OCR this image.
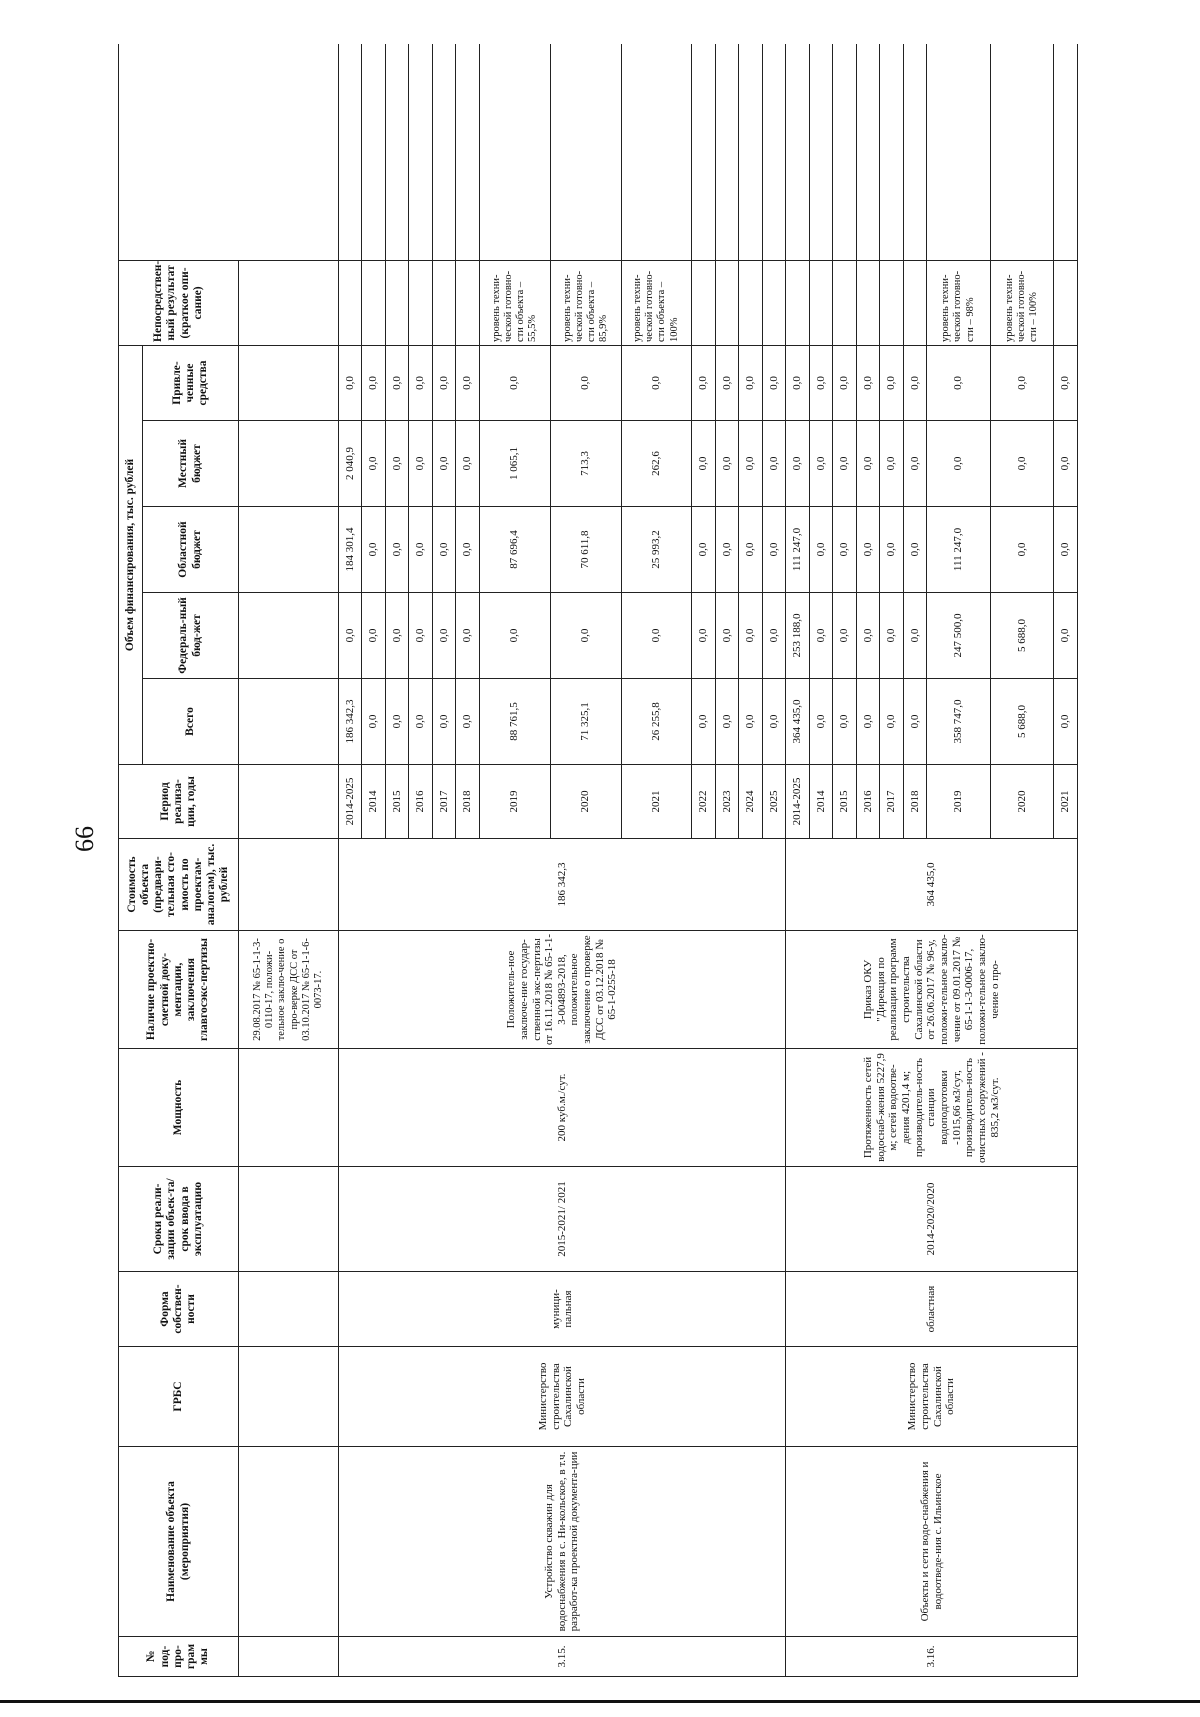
66
№ под-про-грам мы	Наименование объекта (мероприятия)	ГРБС	Форма собствен-ности	Сроки реали-зации объек-та/срок ввода в эксплуатацию	Мощность	Наличие проектно-сметной доку-ментации, заключения главгосэкс-пертизы	Стоимость объекта (предвари-тельная сто-имость по проектам-аналогам), тыс. рублей	Период реализа-ции, годы	Объем финансирования, тыс. рублей					Непосредствен-ный результат (краткое опи-сание)	
									Всего	Федераль-ный бюд-жет	Областной бюджет	Местный бюджет	Привле-ченные средства		
						29.08.2017 № 65-1-1-3-0110-17, положи-тельное заклю-чение о про-верке ДСС от 03.10.2017 № 65-1-1-6-0073-17.									
3.15.	Устройство скважин для водоснабжения в с. Ни-кольское, в т.ч. разработ-ка проектной документа-ции	Министерство строительства Сахалинской области	муници-пальная	2015-2021/ 2021	200 куб.м./сут.	Положитель-ное заключе-ние государ-ственной экс-пертизы от 16.11.2018 № 65-1-1-3-004893-2018, положительное заключение о проверке ДСС от 03.12.2018 № 65-1-0255-18	186 342,3	2014-2025	186 342,3	0,0	184 301,4	2 040,9	0,0		
								2014	0,0	0,0	0,0	0,0	0,0		
								2015	0,0	0,0	0,0	0,0	0,0		
								2016	0,0	0,0	0,0	0,0	0,0		
								2017	0,0	0,0	0,0	0,0	0,0		
								2018	0,0	0,0	0,0	0,0	0,0		
								2019	88 761,5	0,0	87 696,4	1 065,1	0,0	уровень техни-ческой готовно-сти объекта – 55,5%	
								2020	71 325,1	0,0	70 611,8	713,3	0,0	уровень техни-ческой готовно-сти объекта – 85,9%	
								2021	26 255,8	0,0	25 993,2	262,6	0,0	уровень техни-ческой готовно-сти объекта – 100%	
								2022	0,0	0,0	0,0	0,0	0,0		
								2023	0,0	0,0	0,0	0,0	0,0		
								2024	0,0	0,0	0,0	0,0	0,0		
								2025	0,0	0,0	0,0	0,0	0,0		
3.16.	Объекты и сети водо-снабжения и водоотведе-ния с. Ильинское	Министерство строительства Сахалинской области	областная	2014-2020/2020	Протяженность сетей водоснаб-жения 5227,9 м; сетей водоотве-дения 4201,4 м; производитель-ность станции водоподготовки -1015,66 м3/сут, производитель-ность очистных сооружений - 835,2 м3/сут.	Приказ ОКУ "Дирекция по реализации программ строительства Сахалинской области от 26.06.2017 № 96-у, положи-тельное заклю-чение от 09.01.2017 № 65-1-1-3-0006-17, положи-тельное заклю-чение о про-	364 435,0	2014-2025	364 435,0	253 188,0	111 247,0	0,0	0,0		
								2014	0,0	0,0	0,0	0,0	0,0		
								2015	0,0	0,0	0,0	0,0	0,0		
								2016	0,0	0,0	0,0	0,0	0,0		
								2017	0,0	0,0	0,0	0,0	0,0		
								2018	0,0	0,0	0,0	0,0	0,0		
								2019	358 747,0	247 500,0	111 247,0	0,0	0,0	уровень техни-ческой готовно-сти – 98%	
								2020	5 688,0	5 688,0	0,0	0,0	0,0	уровень техни-ческой готовно-сти – 100%	
								2021	0,0	0,0	0,0	0,0	0,0		
